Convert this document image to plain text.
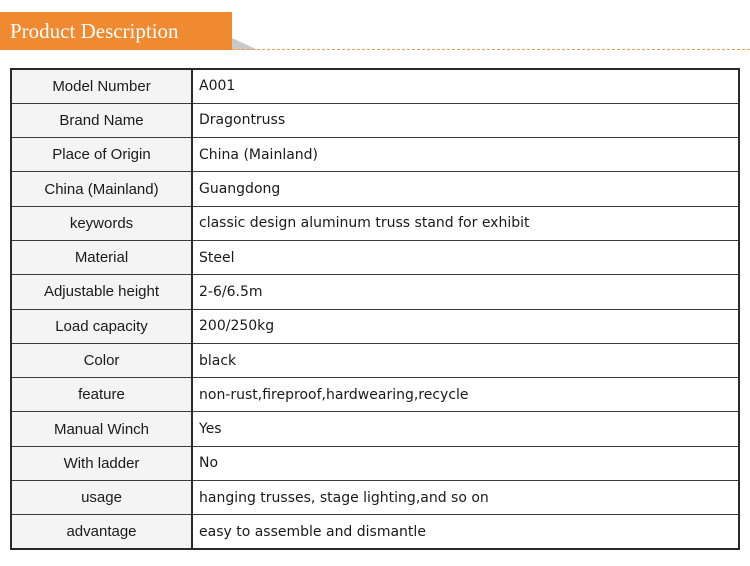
Product Description
Model Number	A001
Brand Name	Dragontruss
Place of Origin	China (Mainland)
China (Mainland)	Guangdong
keywords	classic design aluminum truss stand for exhibit
Material	Steel
Adjustable height	2-6/6.5m
Load capacity	200/250kg
Color	black
feature	non-rust,fireproof,hardwearing,recycle
Manual Winch	Yes
With ladder	No
usage	hanging trusses, stage lighting,and so on
advantage	easy to assemble and dismantle
